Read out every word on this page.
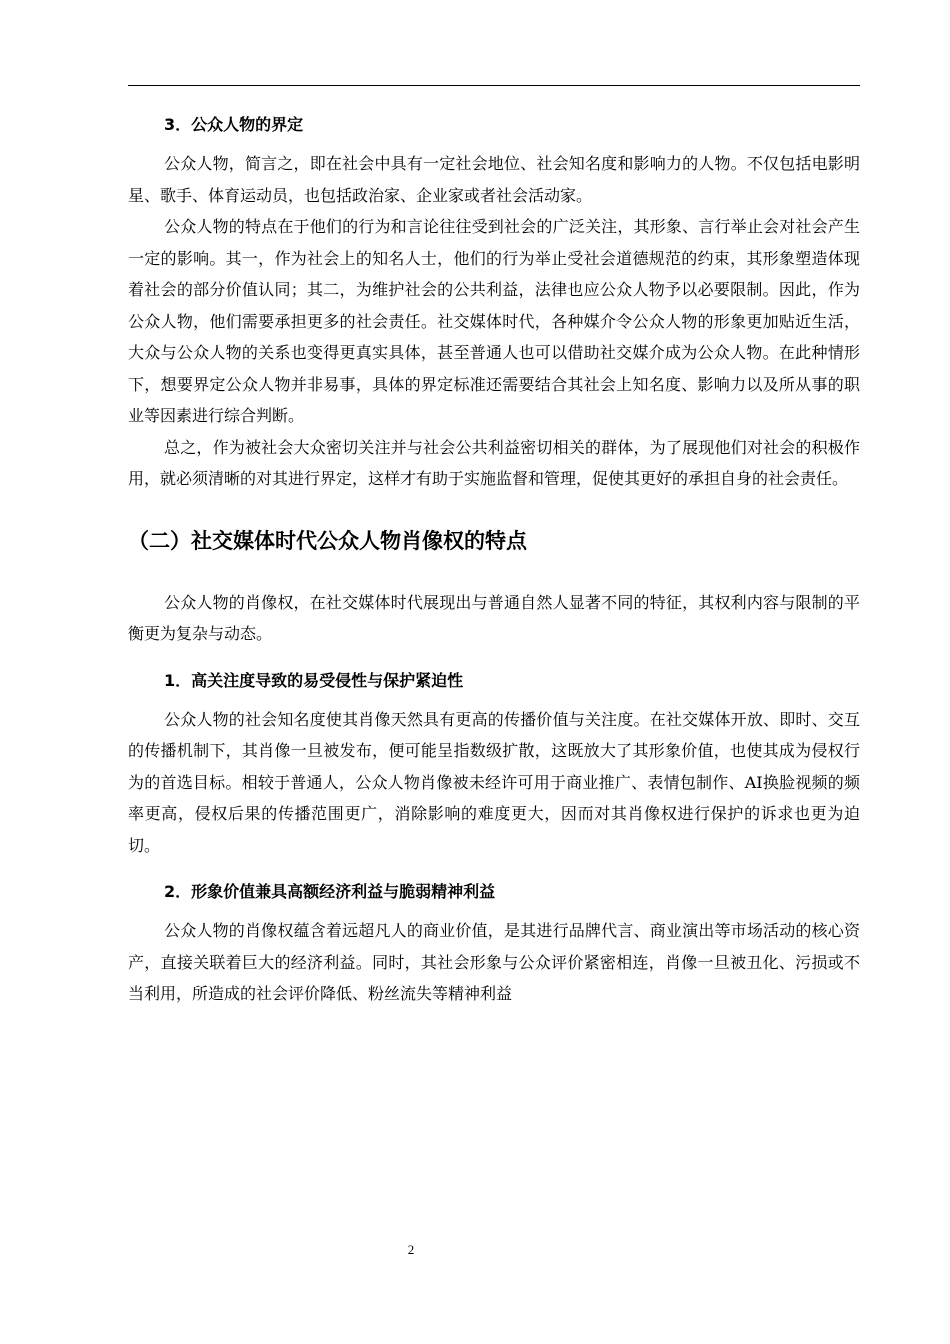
3．公众人物的界定

公众人物，简言之，即在社会中具有一定社会地位、社会知名度和影响力的人物。不仅包括电影明星、歌手、体育运动员，也包括政治家、企业家或者社会活动家。

公众人物的特点在于他们的行为和言论往往受到社会的广泛关注，其形象、言行举止会对社会产生一定的影响。其一，作为社会上的知名人士，他们的行为举止受社会道德规范的约束，其形象塑造体现着社会的部分价值认同；其二，为维护社会的公共利益，法律也应公众人物予以必要限制。因此，作为公众人物，他们需要承担更多的社会责任。社交媒体时代，各种媒介令公众人物的形象更加贴近生活，大众与公众人物的关系也变得更真实具体，甚至普通人也可以借助社交媒介成为公众人物。在此种情形下，想要界定公众人物并非易事，具体的界定标准还需要结合其社会上知名度、影响力以及所从事的职业等因素进行综合判断。

总之，作为被社会大众密切关注并与社会公共利益密切相关的群体，为了展现他们对社会的积极作用，就必须清晰的对其进行界定，这样才有助于实施监督和管理，促使其更好的承担自身的社会责任。

（二）社交媒体时代公众人物肖像权的特点

公众人物的肖像权，在社交媒体时代展现出与普通自然人显著不同的特征，其权利内容与限制的平衡更为复杂与动态。

1．高关注度导致的易受侵性与保护紧迫性

公众人物的社会知名度使其肖像天然具有更高的传播价值与关注度。在社交媒体开放、即时、交互的传播机制下，其肖像一旦被发布，便可能呈指数级扩散，这既放大了其形象价值，也使其成为侵权行为的首选目标。相较于普通人，公众人物肖像被未经许可用于商业推广、表情包制作、AI换脸视频的频率更高，侵权后果的传播范围更广，消除影响的难度更大，因而对其肖像权进行保护的诉求也更为迫切。

2．形象价值兼具高额经济利益与脆弱精神利益

公众人物的肖像权蕴含着远超凡人的商业价值，是其进行品牌代言、商业演出等市场活动的核心资产，直接关联着巨大的经济利益。同时，其社会形象与公众评价紧密相连，肖像一旦被丑化、污损或不当利用，所造成的社会评价降低、粉丝流失等精神利益

2
